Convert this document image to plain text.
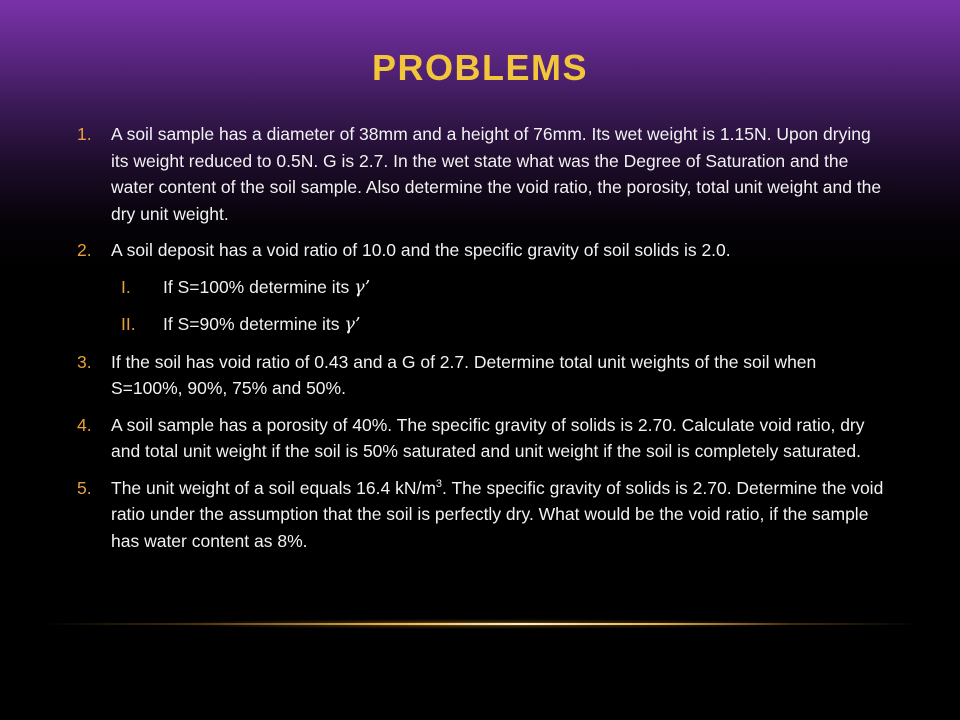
PROBLEMS
1. A soil sample has a diameter of 38mm and a height of 76mm. Its wet weight is 1.15N. Upon drying its weight reduced to 0.5N. G is 2.7. In the wet state what was the Degree of Saturation and the water content of the soil sample. Also determine the void ratio, the porosity, total unit weight and the dry unit weight.
2. A soil deposit has a void ratio of 10.0 and the specific gravity of soil solids is 2.0.
I. If S=100% determine its γ’
II. If S=90% determine its γ’
3. If the soil has void ratio of 0.43 and a G of 2.7. Determine total unit weights of the soil when S=100%, 90%, 75% and 50%.
4. A soil sample has a porosity of 40%. The specific gravity of solids is 2.70. Calculate void ratio, dry and total unit weight if the soil is 50% saturated and unit weight if the soil is completely saturated.
5. The unit weight of a soil equals 16.4 $kN/m^3$. The specific gravity of solids is 2.70. Determine the void ratio under the assumption that the soil is perfectly dry. What would be the void ratio, if the sample has water content as 8%.
